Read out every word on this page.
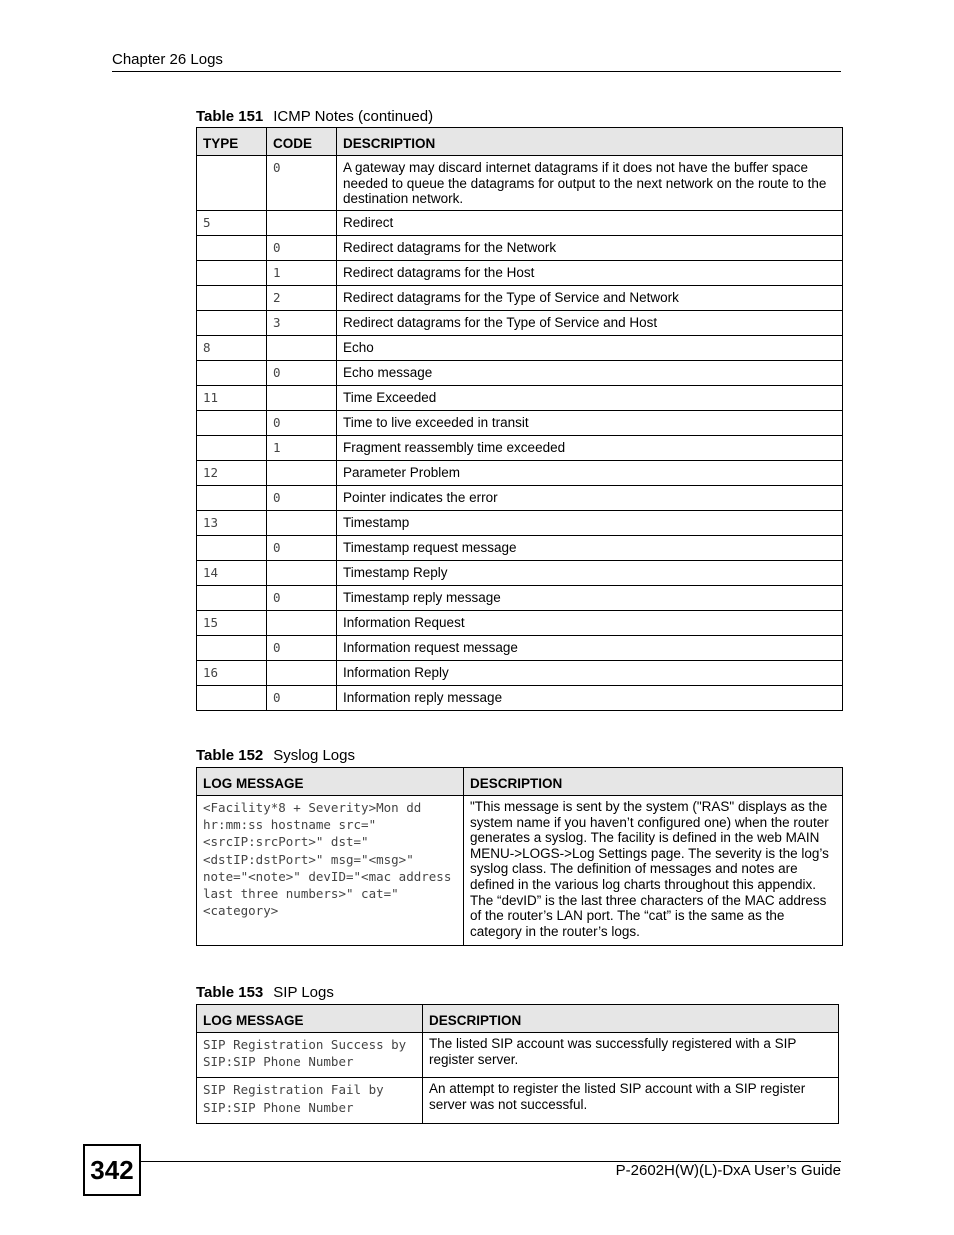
Chapter 26 Logs
Table 151 ICMP Notes (continued)
TYPE	CODE	DESCRIPTION
	0	A gateway may discard internet datagrams if it does not have the buffer space needed to queue the datagrams for output to the next network on the route to the destination network.
5		Redirect
	0	Redirect datagrams for the Network
	1	Redirect datagrams for the Host
	2	Redirect datagrams for the Type of Service and Network
	3	Redirect datagrams for the Type of Service and Host
8		Echo
	0	Echo message
11		Time Exceeded
	0	Time to live exceeded in transit
	1	Fragment reassembly time exceeded
12		Parameter Problem
	0	Pointer indicates the error
13		Timestamp
	0	Timestamp request message
14		Timestamp Reply
	0	Timestamp reply message
15		Information Request
	0	Information request message
16		Information Reply
	0	Information reply message
Table 152 Syslog Logs
LOG MESSAGE	DESCRIPTION
<Facility*8 + Severity>Mon dd hr:mm:ss hostname src="<srcIP:srcPort>" dst="<dstIP:dstPort>" msg="<msg>" note="<note>" devID="<mac address last three numbers>" cat="<category>	"This message is sent by the system ("RAS" displays as the system name if you haven’t configured one) when the router generates a syslog. The facility is defined in the web MAIN MENU->LOGS->Log Settings page. The severity is the log’s syslog class. The definition of messages and notes are defined in the various log charts throughout this appendix. The “devID” is the last three characters of the MAC address of the router’s LAN port. The “cat” is the same as the category in the router’s logs.
Table 153 SIP Logs
LOG MESSAGE	DESCRIPTION
SIP Registration Success by SIP:SIP Phone Number	The listed SIP account was successfully registered with a SIP register server.
SIP Registration Fail by SIP:SIP Phone Number	An attempt to register the listed SIP account with a SIP register server was not successful.
342	P-2602H(W)(L)-DxA User’s Guide
